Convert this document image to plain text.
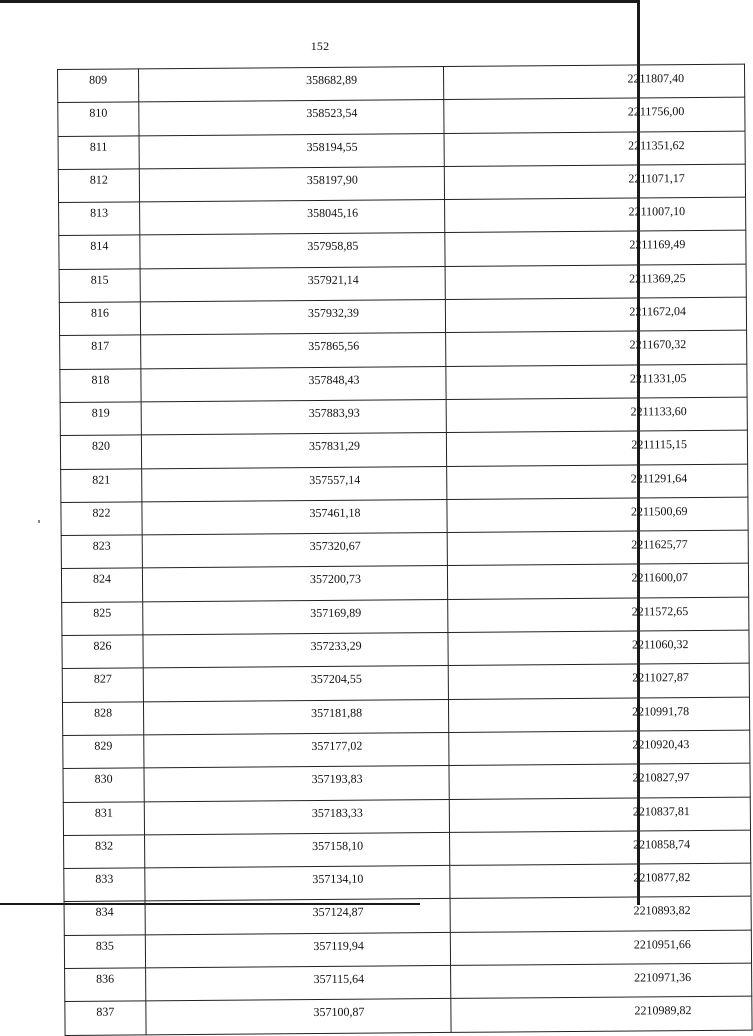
152
809	358682,89	2211807,40
810	358523,54	2211756,00
811	358194,55	2211351,62
812	358197,90	2211071,17
813	358045,16	2211007,10
814	357958,85	2211169,49
815	357921,14	2211369,25
816	357932,39	2211672,04
817	357865,56	2211670,32
818	357848,43	2211331,05
819	357883,93	2211133,60
820	357831,29	2211115,15
821	357557,14	2211291,64
822	357461,18	2211500,69
823	357320,67	2211625,77
824	357200,73	2211600,07
825	357169,89	2211572,65
826	357233,29	2211060,32
827	357204,55	2211027,87
828	357181,88	2210991,78
829	357177,02	2210920,43
830	357193,83	2210827,97
831	357183,33	2210837,81
832	357158,10	2210858,74
833	357134,10	2210877,82
834	357124,87	2210893,82
835	357119,94	2210951,66
836	357115,64	2210971,36
837	357100,87	2210989,82
